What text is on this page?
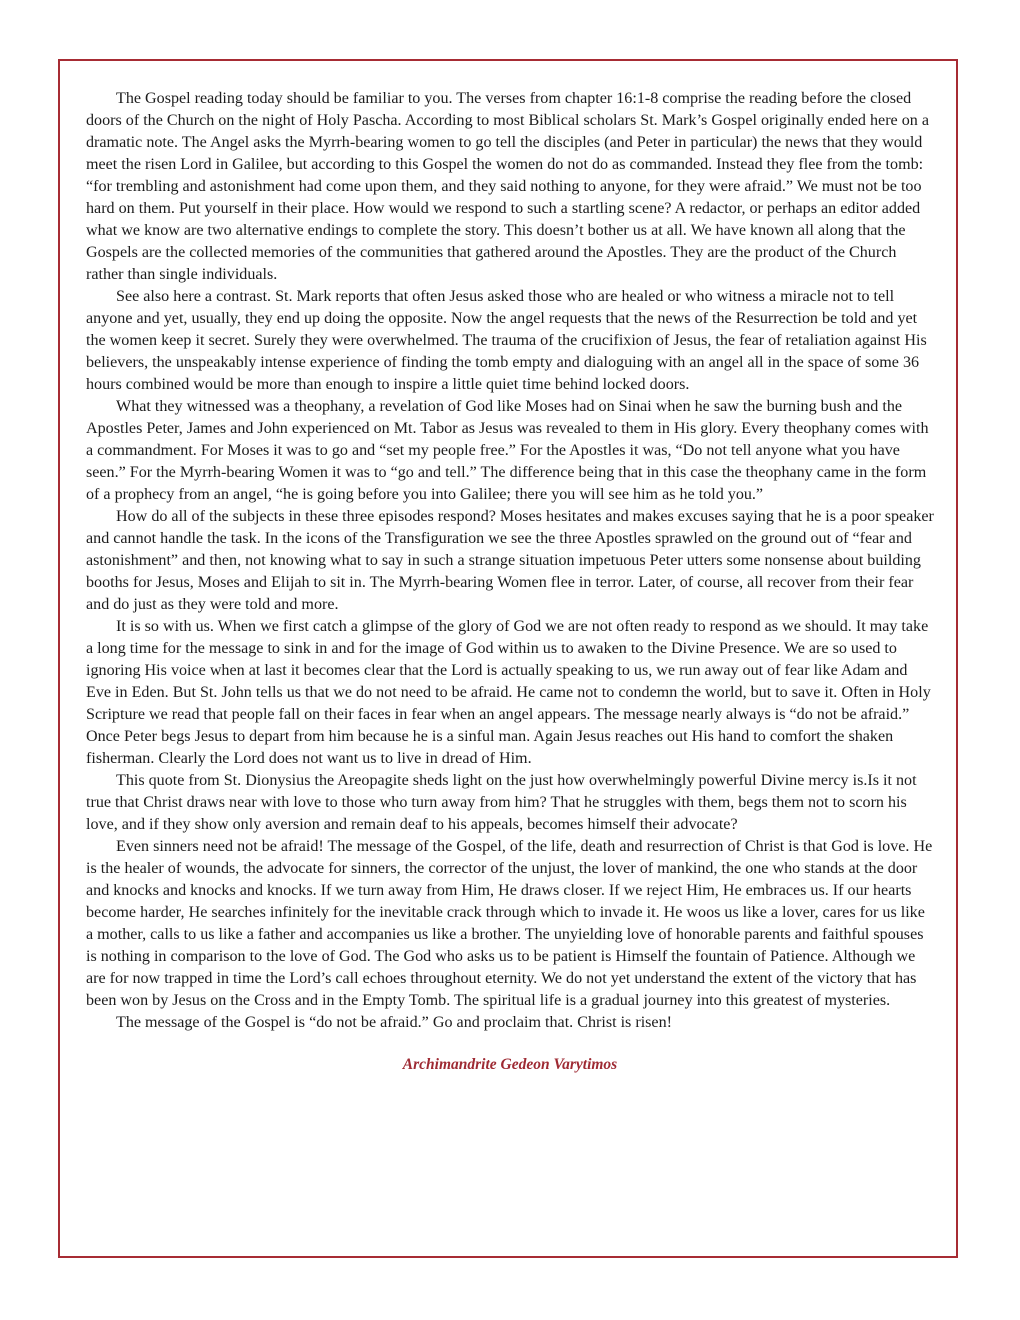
The Gospel reading today should be familiar to you. The verses from chapter 16:1-8 comprise the reading before the closed doors of the Church on the night of Holy Pascha. According to most Biblical scholars St. Mark’s Gospel originally ended here on a dramatic note. The Angel asks the Myrrh-bearing women to go tell the disciples (and Peter in particular) the news that they would meet the risen Lord in Galilee, but according to this Gospel the women do not do as commanded. Instead they flee from the tomb: “for trembling and astonishment had come upon them, and they said nothing to anyone, for they were afraid.” We must not be too hard on them. Put yourself in their place. How would we respond to such a startling scene? A redactor, or perhaps an editor added what we know are two alternative endings to complete the story. This doesn’t bother us at all. We have known all along that the Gospels are the collected memories of the communities that gathered around the Apostles. They are the product of the Church rather than single individuals.

See also here a contrast. St. Mark reports that often Jesus asked those who are healed or who witness a miracle not to tell anyone and yet, usually, they end up doing the opposite. Now the angel requests that the news of the Resurrection be told and yet the women keep it secret. Surely they were overwhelmed. The trauma of the crucifixion of Jesus, the fear of retaliation against His believers, the unspeakably intense experience of finding the tomb empty and dialoguing with an angel all in the space of some 36 hours combined would be more than enough to inspire a little quiet time behind locked doors.

What they witnessed was a theophany, a revelation of God like Moses had on Sinai when he saw the burning bush and the Apostles Peter, James and John experienced on Mt. Tabor as Jesus was revealed to them in His glory. Every theophany comes with a commandment. For Moses it was to go and “set my people free.” For the Apostles it was, “Do not tell anyone what you have seen.” For the Myrrh-bearing Women it was to “go and tell.” The difference being that in this case the theophany came in the form of a prophecy from an angel, “he is going before you into Galilee; there you will see him as he told you.”

How do all of the subjects in these three episodes respond? Moses hesitates and makes excuses saying that he is a poor speaker and cannot handle the task. In the icons of the Transfiguration we see the three Apostles sprawled on the ground out of “fear and astonishment” and then, not knowing what to say in such a strange situation impetuous Peter utters some nonsense about building booths for Jesus, Moses and Elijah to sit in. The Myrrh-bearing Women flee in terror. Later, of course, all recover from their fear and do just as they were told and more.

It is so with us. When we first catch a glimpse of the glory of God we are not often ready to respond as we should. It may take a long time for the message to sink in and for the image of God within us to awaken to the Divine Presence. We are so used to ignoring His voice when at last it becomes clear that the Lord is actually speaking to us, we run away out of fear like Adam and Eve in Eden. But St. John tells us that we do not need to be afraid. He came not to condemn the world, but to save it. Often in Holy Scripture we read that people fall on their faces in fear when an angel appears. The message nearly always is “do not be afraid.” Once Peter begs Jesus to depart from him because he is a sinful man. Again Jesus reaches out His hand to comfort the shaken fisherman. Clearly the Lord does not want us to live in dread of Him.

This quote from St. Dionysius the Areopagite sheds light on the just how overwhelmingly powerful Divine mercy is.Is it not true that Christ draws near with love to those who turn away from him? That he struggles with them, begs them not to scorn his love, and if they show only aversion and remain deaf to his appeals, becomes himself their advocate?

Even sinners need not be afraid! The message of the Gospel, of the life, death and resurrection of Christ is that God is love. He is the healer of wounds, the advocate for sinners, the corrector of the unjust, the lover of mankind, the one who stands at the door and knocks and knocks and knocks. If we turn away from Him, He draws closer. If we reject Him, He embraces us. If our hearts become harder, He searches infinitely for the inevitable crack through which to invade it. He woos us like a lover, cares for us like a mother, calls to us like a father and accompanies us like a brother. The unyielding love of honorable parents and faithful spouses is nothing in comparison to the love of God. The God who asks us to be patient is Himself the fountain of Patience. Although we are for now trapped in time the Lord’s call echoes throughout eternity. We do not yet understand the extent of the victory that has been won by Jesus on the Cross and in the Empty Tomb. The spiritual life is a gradual journey into this greatest of mysteries.

The message of the Gospel is “do not be afraid.” Go and proclaim that. Christ is risen!

Archimandrite Gedeon Varytimos
